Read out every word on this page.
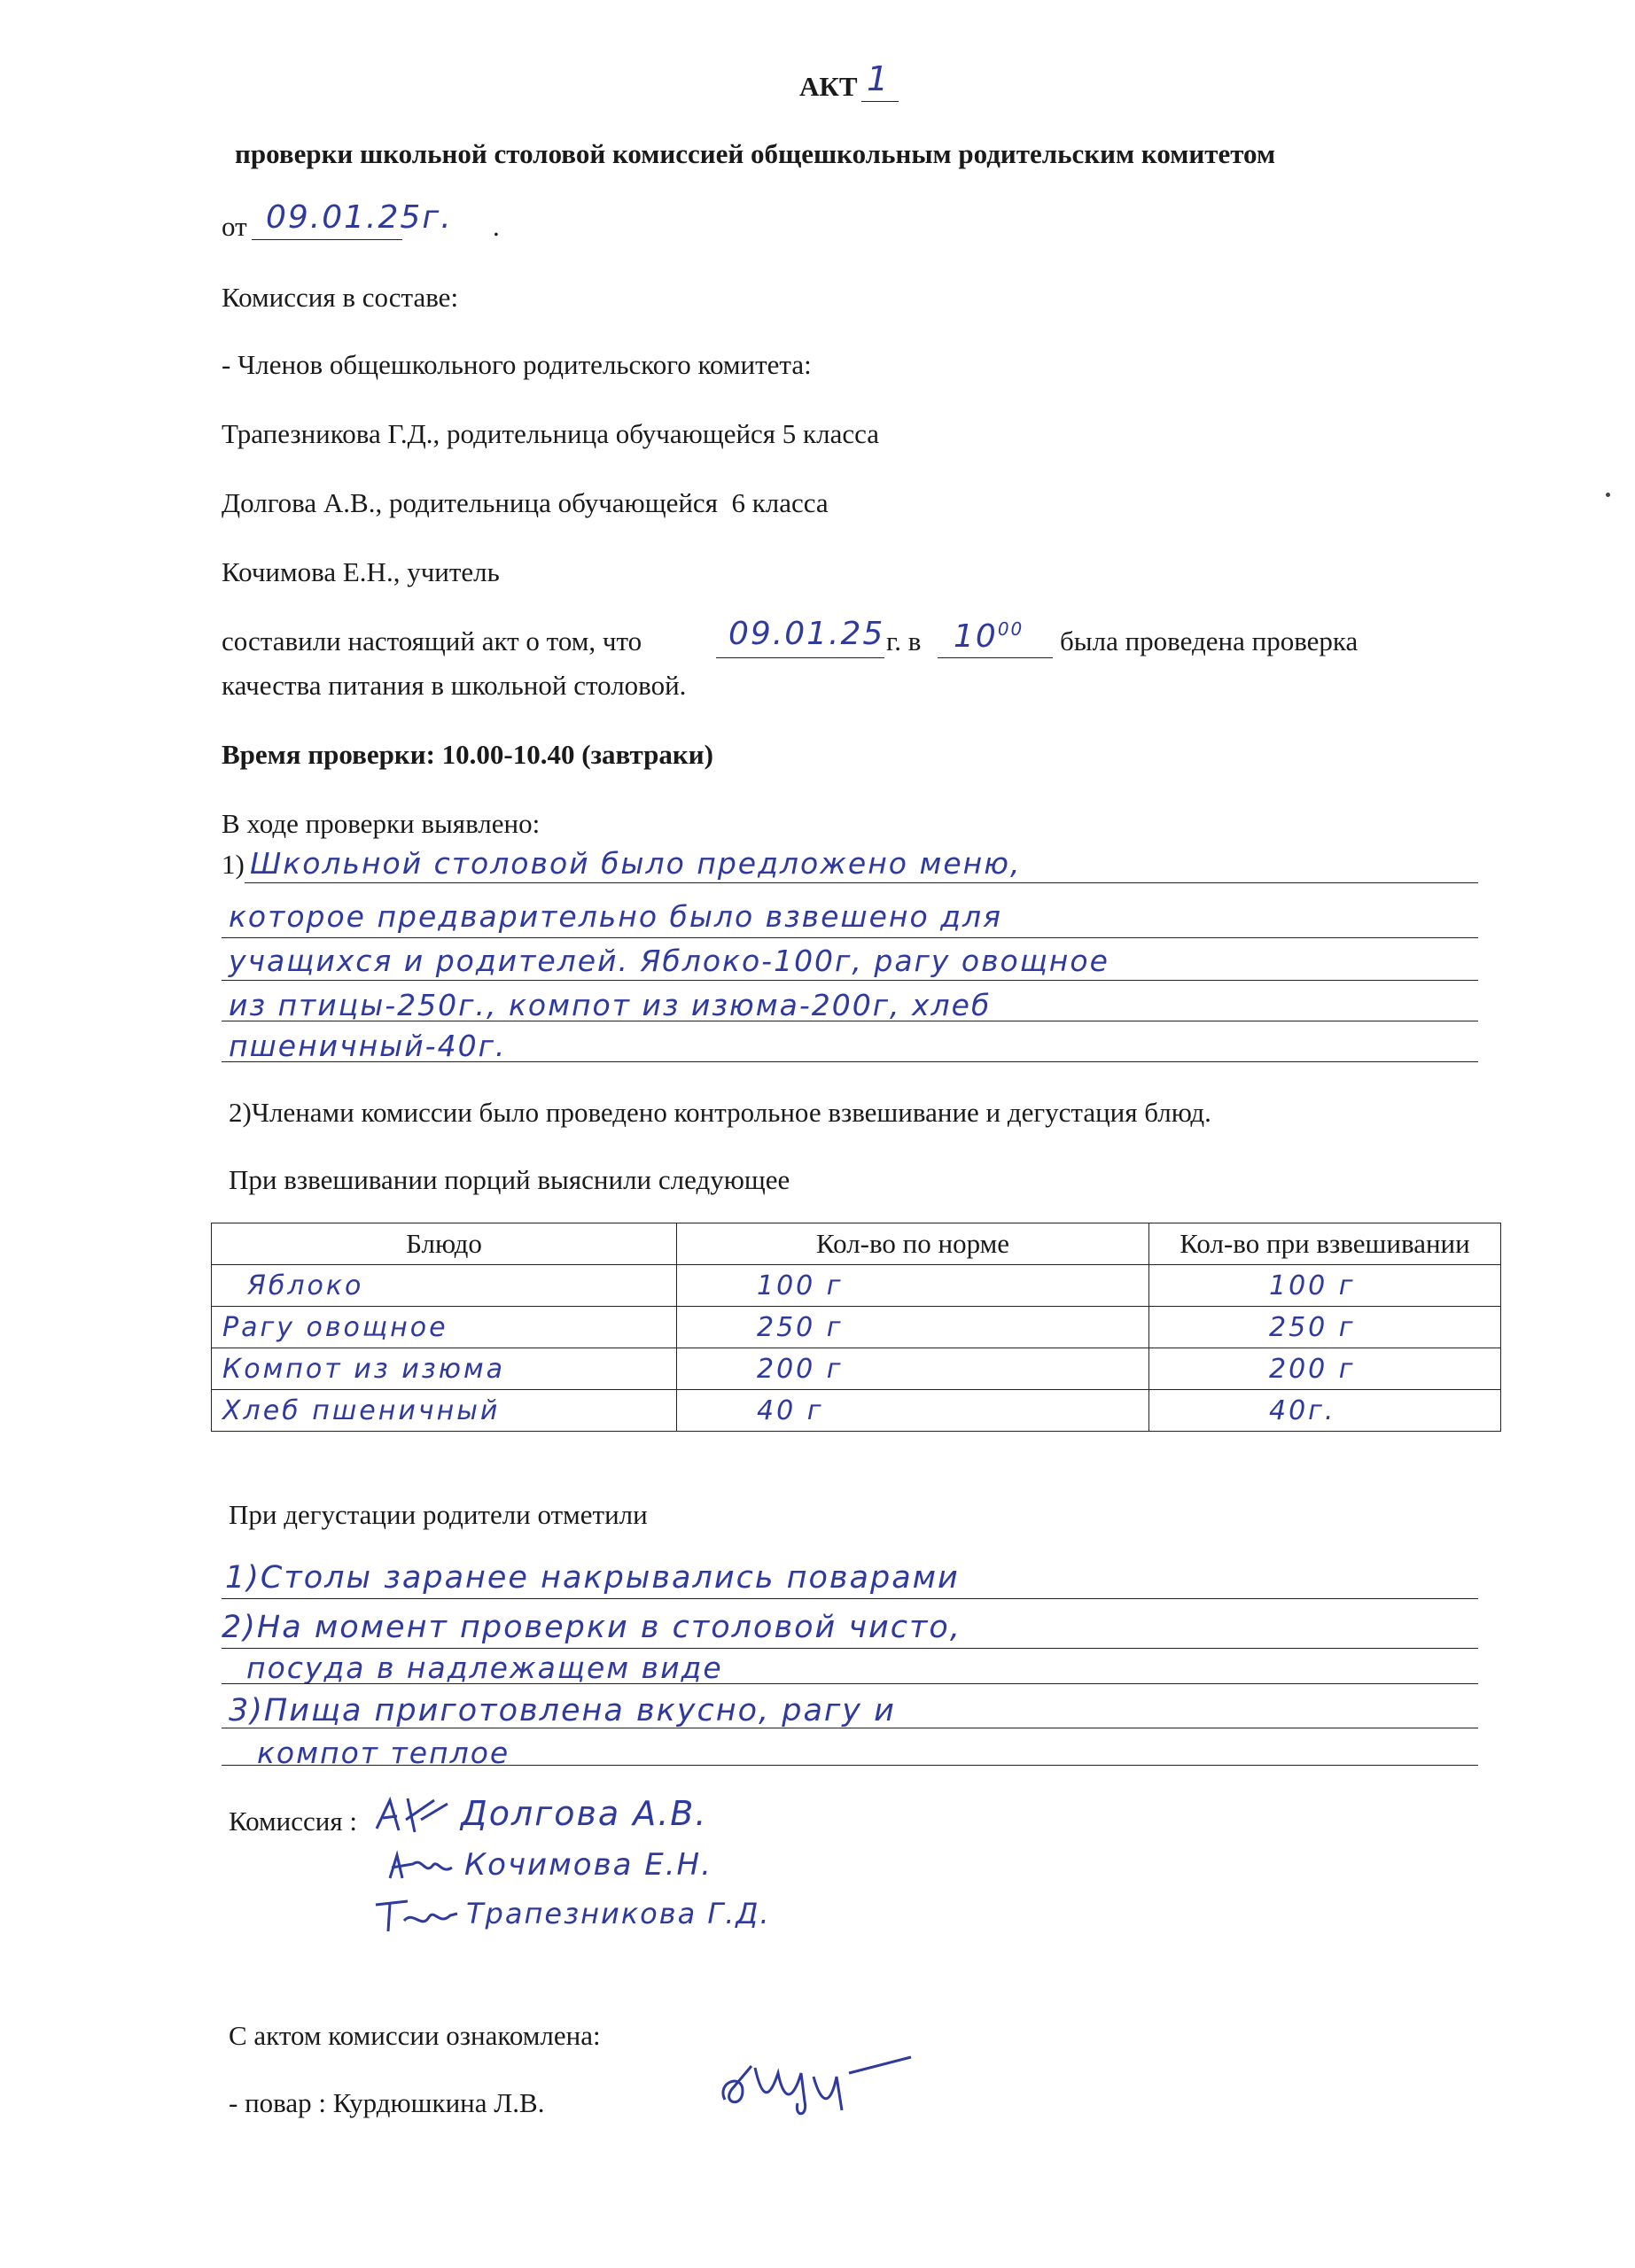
АКТ 1
проверки школьной столовой комиссией общешкольным родительским комитетом
от 09.01.25г. .
Комиссия в составе:
- Членов общешкольного родительского комитета:
Трапезникова Г.Д., родительница обучающейся 5 класса
Долгова А.В., родительница обучающейся  6 класса
Кочимова Е.Н., учитель
составили настоящий акт о том, что	09.01.25 г. в $10^{00}$ была проведена проверка
качества питания в школьной столовой.
Время проверки: 10.00-10.40 (завтраки)
В ходе проверки выявлено:
1) Школьной столовой было предложено меню,
которое предварительно было взвешено для
учащихся и родителей. Яблоко-100г, рагу овощное
из птицы-250г., компот из изюма-200г, хлеб
пшеничный-40г.
2)Членами комиссии было проведено контрольное взвешивание и дегустация блюд.
При взвешивании порций выяснили следующее
Блюдо	Кол-во по норме	Кол-во при взвешивании
Яблоко	100 г	100 г
Рагу овощное	250 г	250 г
Компот из изюма	200 г	200 г
Хлеб пшеничный	40 г	40г.
При дегустации родители отметили
1)Столы заранее накрывались поварами
2)На момент проверки в столовой чисто,
посуда в надлежащем виде
3)Пища приготовлена вкусно, рагу и
компот теплое
Комиссия :	Долгова А.В.
Кочимова Е.Н.
Трапезникова Г.Д.
С актом комиссии ознакомлена:
- повар : Курдюшкина Л.В.
